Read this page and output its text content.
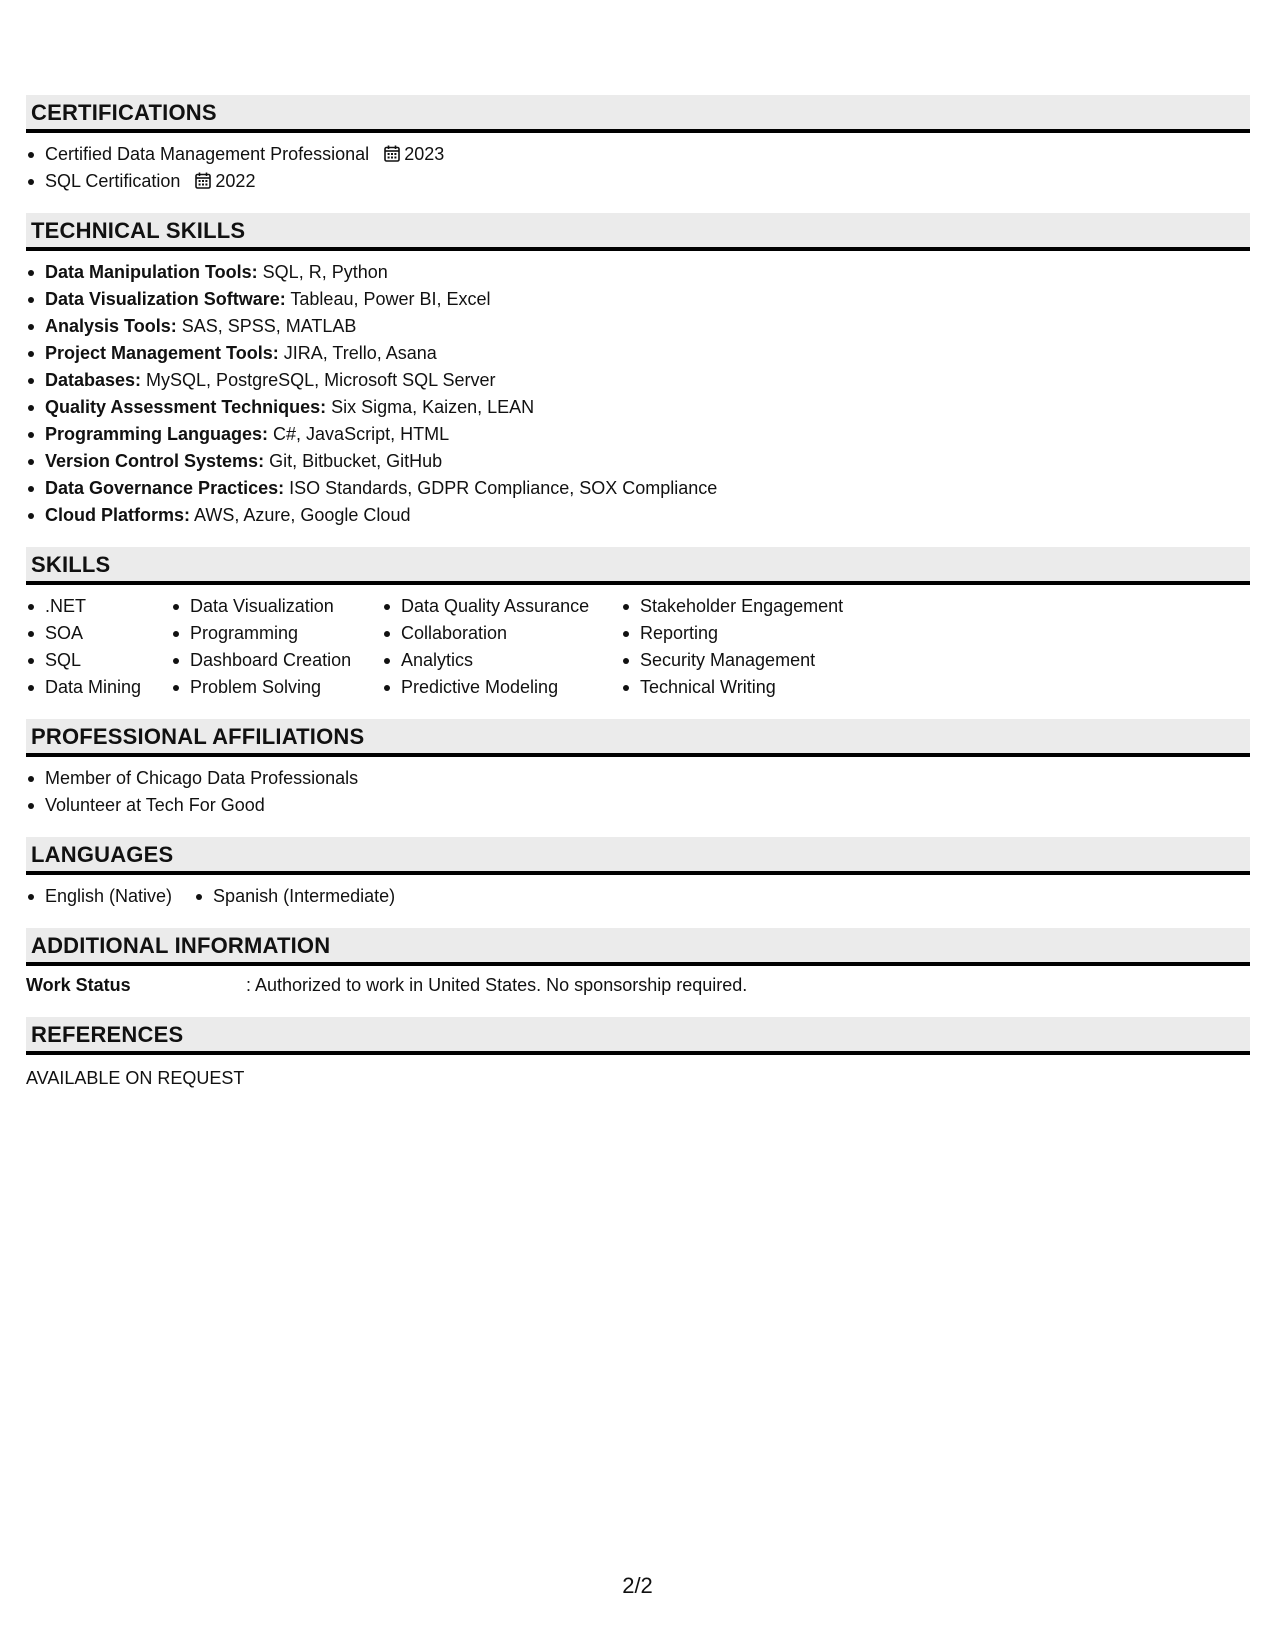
CERTIFICATIONS
Certified Data Management Professional 2023
SQL Certification 2022
TECHNICAL SKILLS
Data Manipulation Tools: SQL, R, Python
Data Visualization Software: Tableau, Power BI, Excel
Analysis Tools: SAS, SPSS, MATLAB
Project Management Tools: JIRA, Trello, Asana
Databases: MySQL, PostgreSQL, Microsoft SQL Server
Quality Assessment Techniques: Six Sigma, Kaizen, LEAN
Programming Languages: C#, JavaScript, HTML
Version Control Systems: Git, Bitbucket, GitHub
Data Governance Practices: ISO Standards, GDPR Compliance, SOX Compliance
Cloud Platforms: AWS, Azure, Google Cloud
SKILLS
.NET
SOA
SQL
Data Mining
Data Visualization
Programming
Dashboard Creation
Problem Solving
Data Quality Assurance
Collaboration
Analytics
Predictive Modeling
Stakeholder Engagement
Reporting
Security Management
Technical Writing
PROFESSIONAL AFFILIATIONS
Member of Chicago Data Professionals
Volunteer at Tech For Good
LANGUAGES
English (Native)	Spanish (Intermediate)
ADDITIONAL INFORMATION
Work Status	: Authorized to work in United States. No sponsorship required.
REFERENCES
AVAILABLE ON REQUEST
2/2
